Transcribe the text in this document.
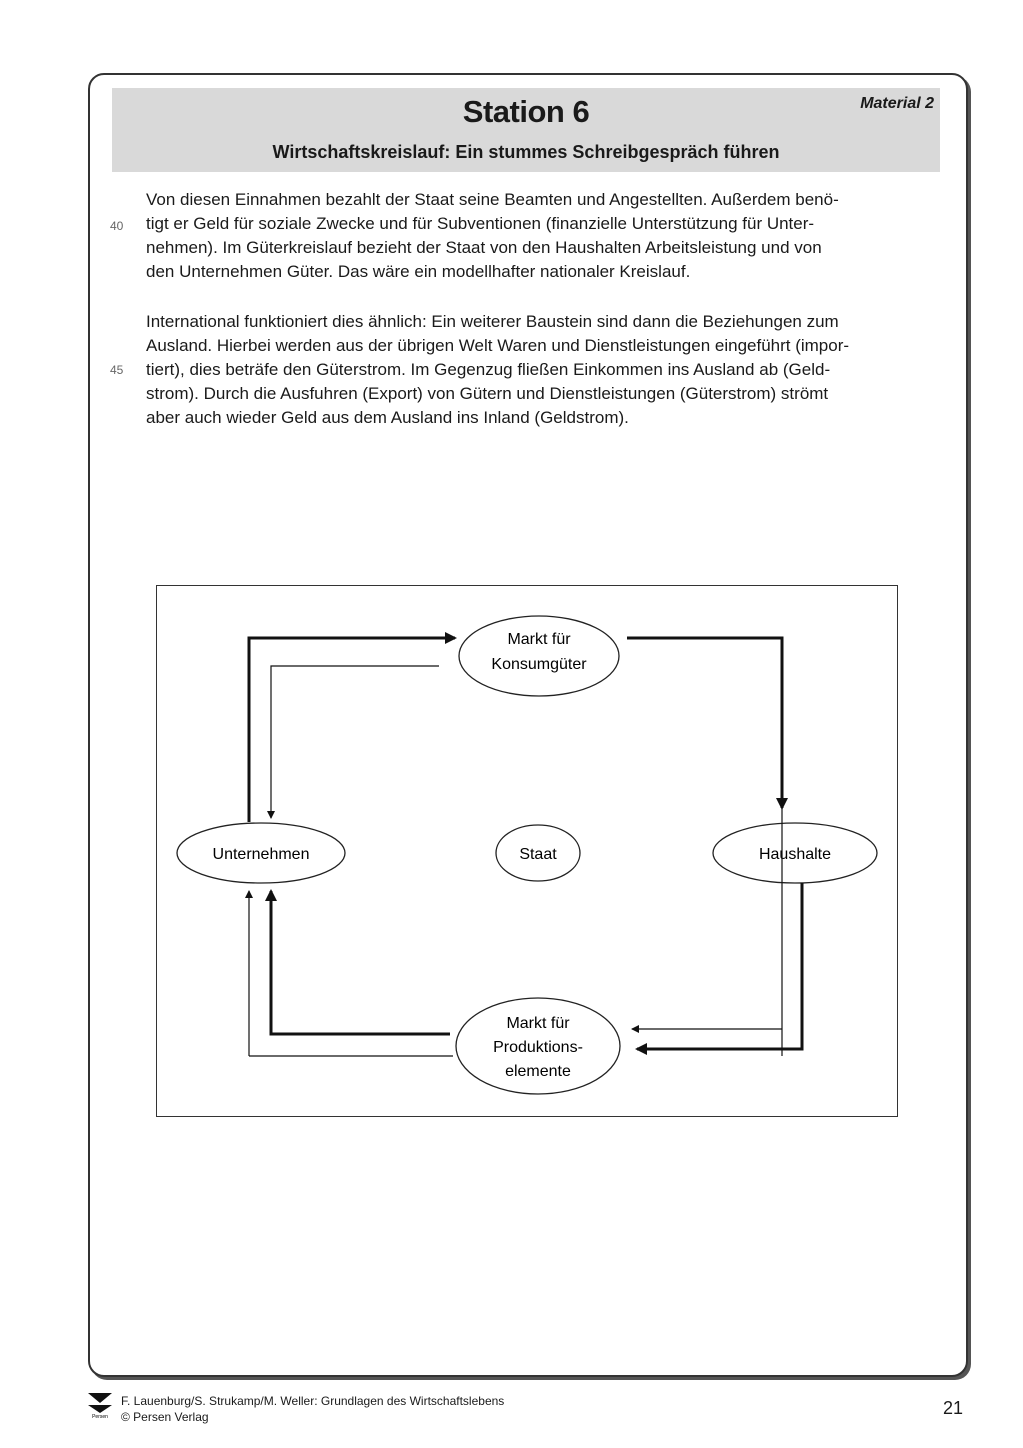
Station 6	Material 2
Wirtschaftskreislauf: Ein stummes Schreibgespräch führen
40
45
Von diesen Einnahmen bezahlt der Staat seine Beamten und Angestellten. Außerdem benö-
tigt er Geld für soziale Zwecke und für Subventionen (finanzielle Unterstützung für Unter-
nehmen). Im Güterkreislauf bezieht der Staat von den Haushalten Arbeitsleistung und von
den Unternehmen Güter. Das wäre ein modellhafter nationaler Kreislauf.
International funktioniert dies ähnlich: Ein weiterer Baustein sind dann die Beziehungen zum
Ausland. Hierbei werden aus der übrigen Welt Waren und Dienstleistungen eingeführt (impor-
tiert), dies beträfe den Güterstrom. Im Gegenzug fließen Einkommen ins Ausland ab (Geld-
strom). Durch die Ausfuhren (Export) von Gütern und Dienstleistungen (Güterstrom) strömt
aber auch wieder Geld aus dem Ausland ins Inland (Geldstrom).
Markt für
Konsumgüter
Unternehmen	Staat	Haushalte
Markt für
Produktions-
elemente
Persen
F. Lauenburg/S. Strukamp/M. Weller: Grundlagen des Wirtschaftslebens
© Persen Verlag	21
